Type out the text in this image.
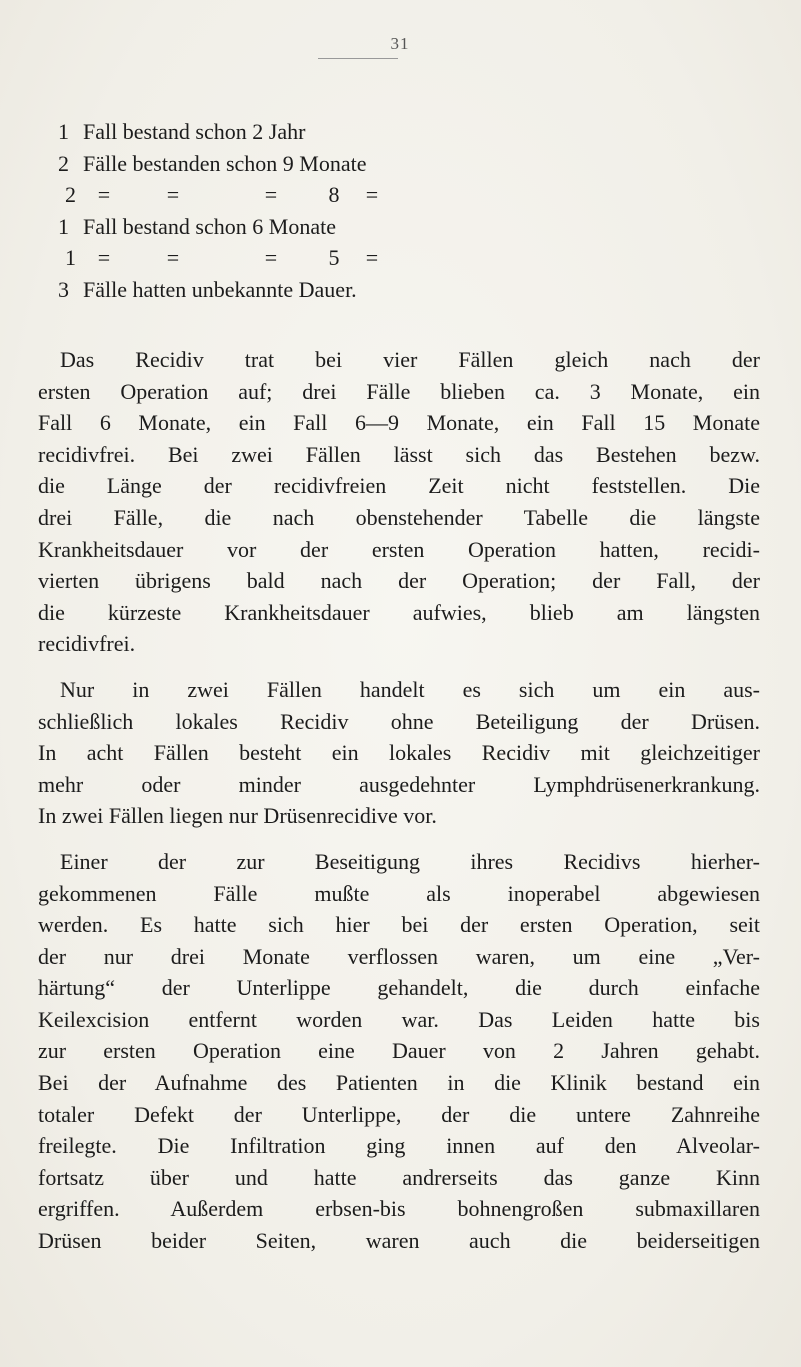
31
1 Fall bestand schon 2 Jahr
2 Fälle bestanden schon 9 Monate
2 =	=	= 8 =
1 Fall bestand schon 6 Monate
1 =	=	= 5 =
3 Fälle hatten unbekannte Dauer.
Das Recidiv trat bei vier Fällen gleich nach der
ersten Operation auf; drei Fälle blieben ca. 3 Monate, ein
Fall 6 Monate, ein Fall 6—9 Monate, ein Fall 15 Monate
recidivfrei. Bei zwei Fällen lässt sich das Bestehen bezw.
die Länge der recidivfreien Zeit nicht feststellen. Die
drei Fälle, die nach obenstehender Tabelle die längste
Krankheitsdauer vor der ersten Operation hatten, recidi-
vierten übrigens bald nach der Operation; der Fall, der
die kürzeste Krankheitsdauer aufwies, blieb am längsten
recidivfrei.
Nur in zwei Fällen handelt es sich um ein aus-
schließlich lokales Recidiv ohne Beteiligung der Drüsen.
In acht Fällen besteht ein lokales Recidiv mit gleichzeitiger
mehr oder minder ausgedehnter Lymphdrüsenerkrankung.
In zwei Fällen liegen nur Drüsenrecidive vor.
Einer der zur Beseitigung ihres Recidivs hierher-
gekommenen Fälle mußte als inoperabel abgewiesen
werden. Es hatte sich hier bei der ersten Operation, seit
der nur drei Monate verflossen waren, um eine „Ver-
härtung“ der Unterlippe gehandelt, die durch einfache
Keilexcision entfernt worden war. Das Leiden hatte bis
zur ersten Operation eine Dauer von 2 Jahren gehabt.
Bei der Aufnahme des Patienten in die Klinik bestand ein
totaler Defekt der Unterlippe, der die untere Zahnreihe
freilegte. Die Infiltration ging innen auf den Alveolar-
fortsatz über und hatte andrerseits das ganze Kinn
ergriffen. Außerdem erbsen-bis bohnengroßen submaxillaren
Drüsen beider Seiten, waren auch die beiderseitigen
